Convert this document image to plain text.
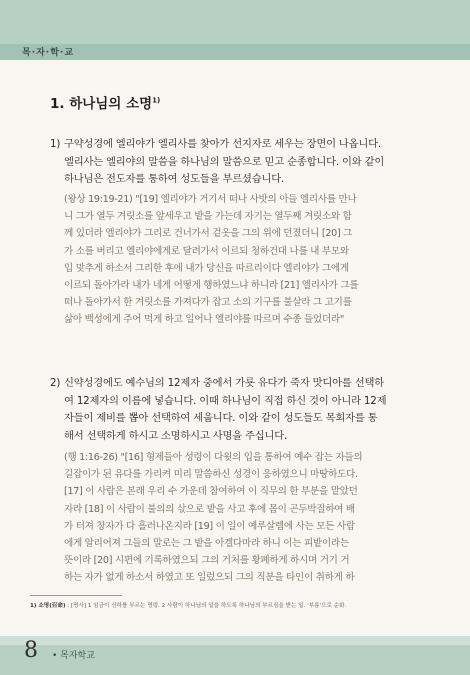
목·자·학·교
1. 하나님의 소명$^{1)}$
1) 구약성경에 엘리야가 엘리사를 찾아가 선지자로 세우는 장면이 나옵니다.
엘리사는 엘리야의 말씀을 하나님의 말씀으로 믿고 순종합니다. 이와 같이
하나님은 전도자를 통하여 성도들을 부르셨습니다.
(왕상 19:19-21) "[19] 엘리야가 거기서 떠나 사밧의 아들 엘리사를 만나
니 그가 열두 겨릿소를 앞세우고 밭을 가는데 자기는 열두째 겨릿소와 함
께 있더라 엘리야가 그리로 건너가서 겉옷을 그의 위에 던졌더니 [20] 그
가 소를 버리고 엘리야에게로 달려가서 이르되 청하건대 나를 내 부모와
입 맞추게 하소서 그리한 후에 내가 당신을 따르리이다 엘리야가 그에게
이르되 돌아가라 내가 네게 어떻게 행하였느냐 하니라 [21] 엘리사가 그를
떠나 돌아가서 한 겨릿소를 가져다가 잡고 소의 기구를 불살라 그 고기를
삶아 백성에게 주어 먹게 하고 일어나 엘리야를 따르며 수종 들었더라"
2) 신약성경에도 예수님의 12제자 중에서 가룟 유다가 죽자 맛디아를 선택하
여 12제자의 이름에 넣습니다. 이때 하나님이 직접 하신 것이 아니라 12제
자들이 제비를 뽑아 선택하여 세웁니다. 이와 같이 성도들도 목회자를 통
해서 선택하게 하시고 소명하시고 사명을 주십니다.
(행 1:16-26) "[16] 형제들아 성령이 다윗의 입을 통하여 예수 잡는 자들의
길잡이가 된 유다를 가리켜 미리 말씀하신 성경이 응하였으니 마땅하도다.
[17] 이 사람은 본래 우리 수 가운데 참여하여 이 직무의 한 부분을 맡았던
자라 [18] 이 사람이 불의의 삯으로 밭을 사고 후에 몸이 곤두박질하여 배
가 터져 창자가 다 흘러나온지라 [19] 이 일이 예루살렘에 사는 모든 사람
에게 알리어져 그들의 말로는 그 밭을 아겔다마라 하니 이는 피밭이라는
뜻이라 [20] 시편에 기록하였으되 그의 거처를 황폐하게 하시며 거기 거
하는 자가 없게 하소서 하였고 또 일렀으되 그의 직분을 타인이 취하게 하
1) 소명(召命) : [명사] 1 임금이 신하를 부르는 명령. 2 사람이 하나님의 일을 하도록 하나님의 부르심을 받는 일. '부름'으로 순화.
8 • 목자학교
